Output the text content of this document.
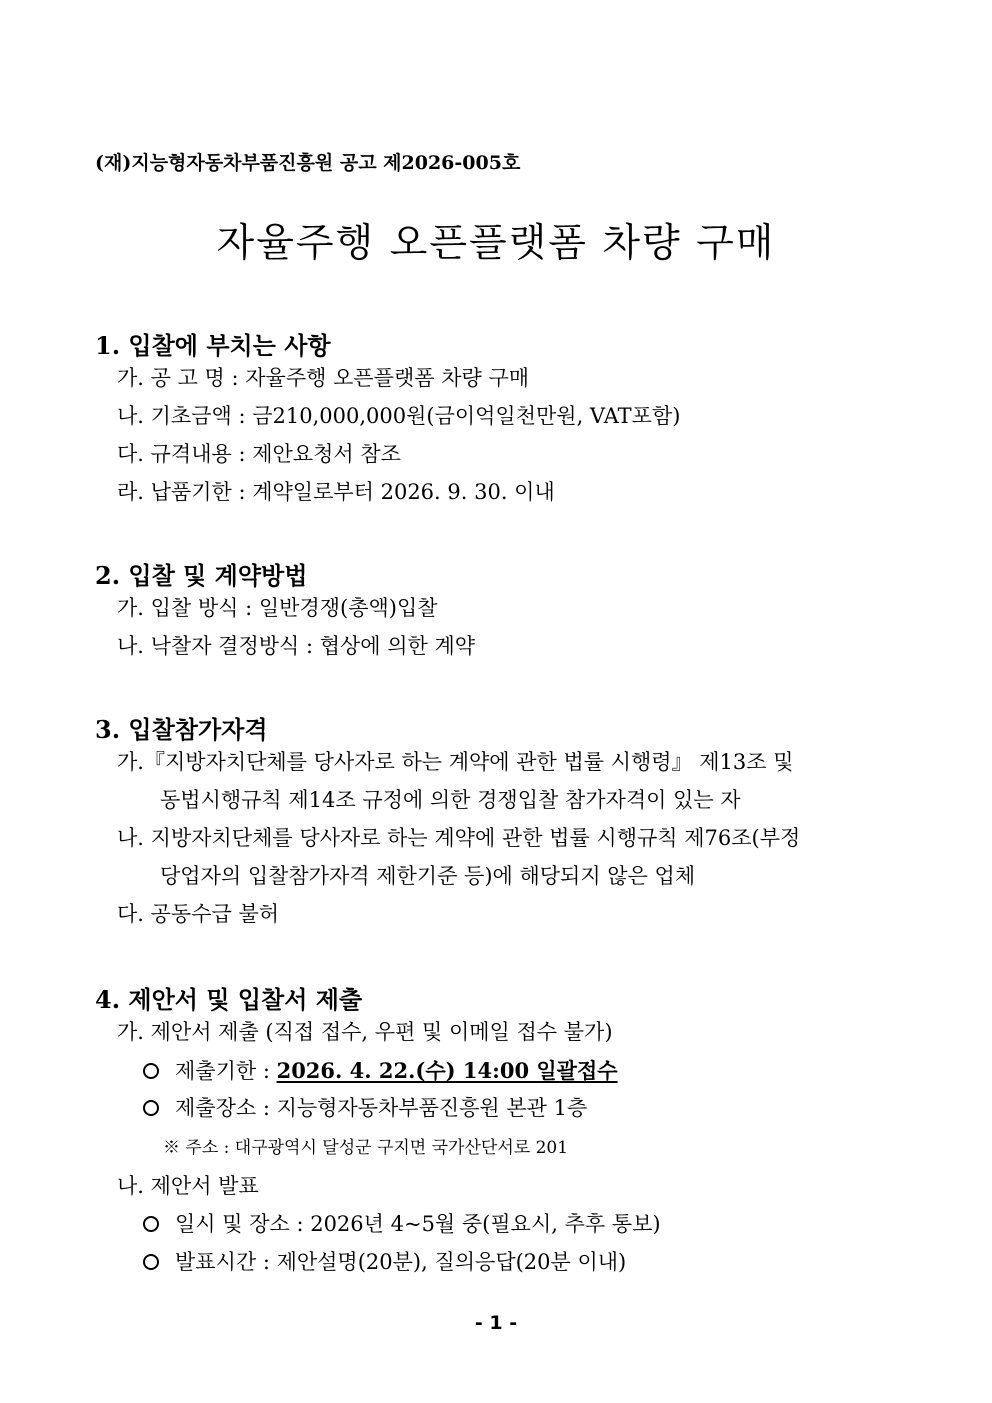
(재)지능형자동차부품진흥원 공고 제2026-005호
자율주행 오픈플랫폼 차량 구매
1. 입찰에 부치는 사항
가. 공 고 명 : 자율주행 오픈플랫폼 차량 구매
나. 기초금액 : 금210,000,000원(금이억일천만원, VAT포함)
다. 규격내용 : 제안요청서 참조
라. 납품기한 : 계약일로부터 2026. 9. 30. 이내
2. 입찰 및 계약방법
가. 입찰 방식 : 일반경쟁(총액)입찰
나. 낙찰자 결정방식 : 협상에 의한 계약
3. 입찰참가자격
가.『지방자치단체를 당사자로 하는 계약에 관한 법률 시행령』 제13조 및
동법시행규칙 제14조 규정에 의한 경쟁입찰 참가자격이 있는 자
나. 지방자치단체를 당사자로 하는 계약에 관한 법률 시행규칙 제76조(부정
당업자의 입찰참가자격 제한기준 등)에 해당되지 않은 업체
다. 공동수급 불허
4. 제안서 및 입찰서 제출
가. 제안서 제출 (직접 접수, 우편 및 이메일 접수 불가)
제출기한 : 2026. 4. 22.(수) 14:00 일괄접수
제출장소 : 지능형자동차부품진흥원 본관 1층
※ 주소 : 대구광역시 달성군 구지면 국가산단서로 201
나. 제안서 발표
일시 및 장소 : 2026년 4~5월 중(필요시, 추후 통보)
발표시간 : 제안설명(20분), 질의응답(20분 이내)
- 1 -
